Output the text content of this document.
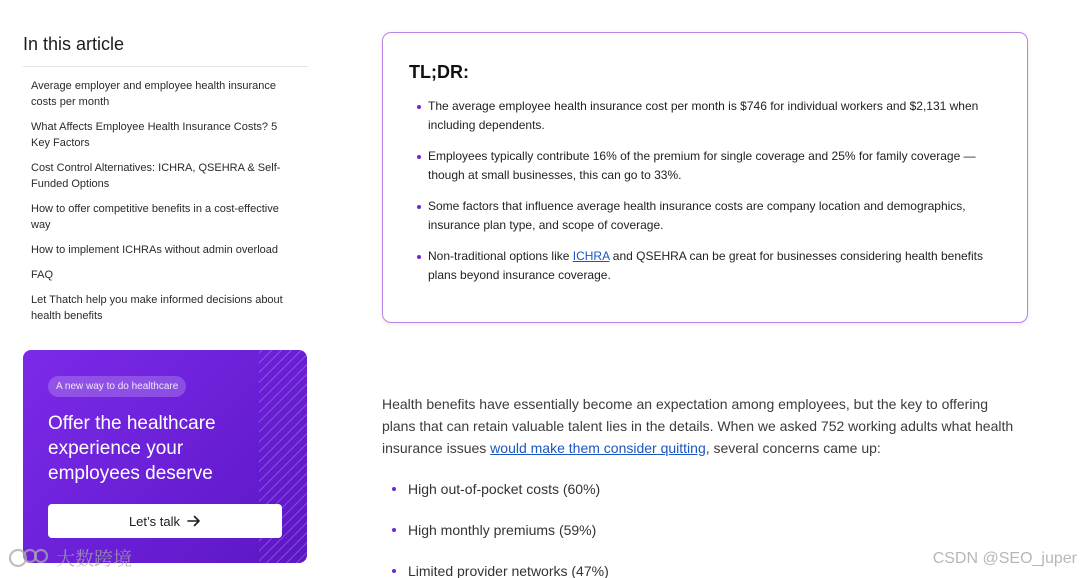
In this article
Average employer and employee health insurance costs per month
What Affects Employee Health Insurance Costs? 5 Key Factors
Cost Control Alternatives: ICHRA, QSEHRA & Self-Funded Options
How to offer competitive benefits in a cost-effective way
How to implement ICHRAs without admin overload
FAQ
Let Thatch help you make informed decisions about health benefits
A new way to do healthcare
Offer the healthcare experience your employees deserve
Let’s talk
TL;DR:
The average employee health insurance cost per month is $746 for individual workers and $2,131 when including dependents.
Employees typically contribute 16% of the premium for single coverage and 25% for family coverage — though at small businesses, this can go to 33%.
Some factors that influence average health insurance costs are company location and demographics, insurance plan type, and scope of coverage.
Non-traditional options like ICHRA and QSEHRA can be great for businesses considering health benefits plans beyond insurance coverage.

Health benefits have essentially become an expectation among employees, but the key to offering plans that can retain valuable talent lies in the details. When we asked 752 working adults what health insurance issues would make them consider quitting, several concerns came up:

High out-of-pocket costs (60%)
High monthly premiums (59%)
Limited provider networks (47%)
大数跨境	CSDN @SEO_juper
